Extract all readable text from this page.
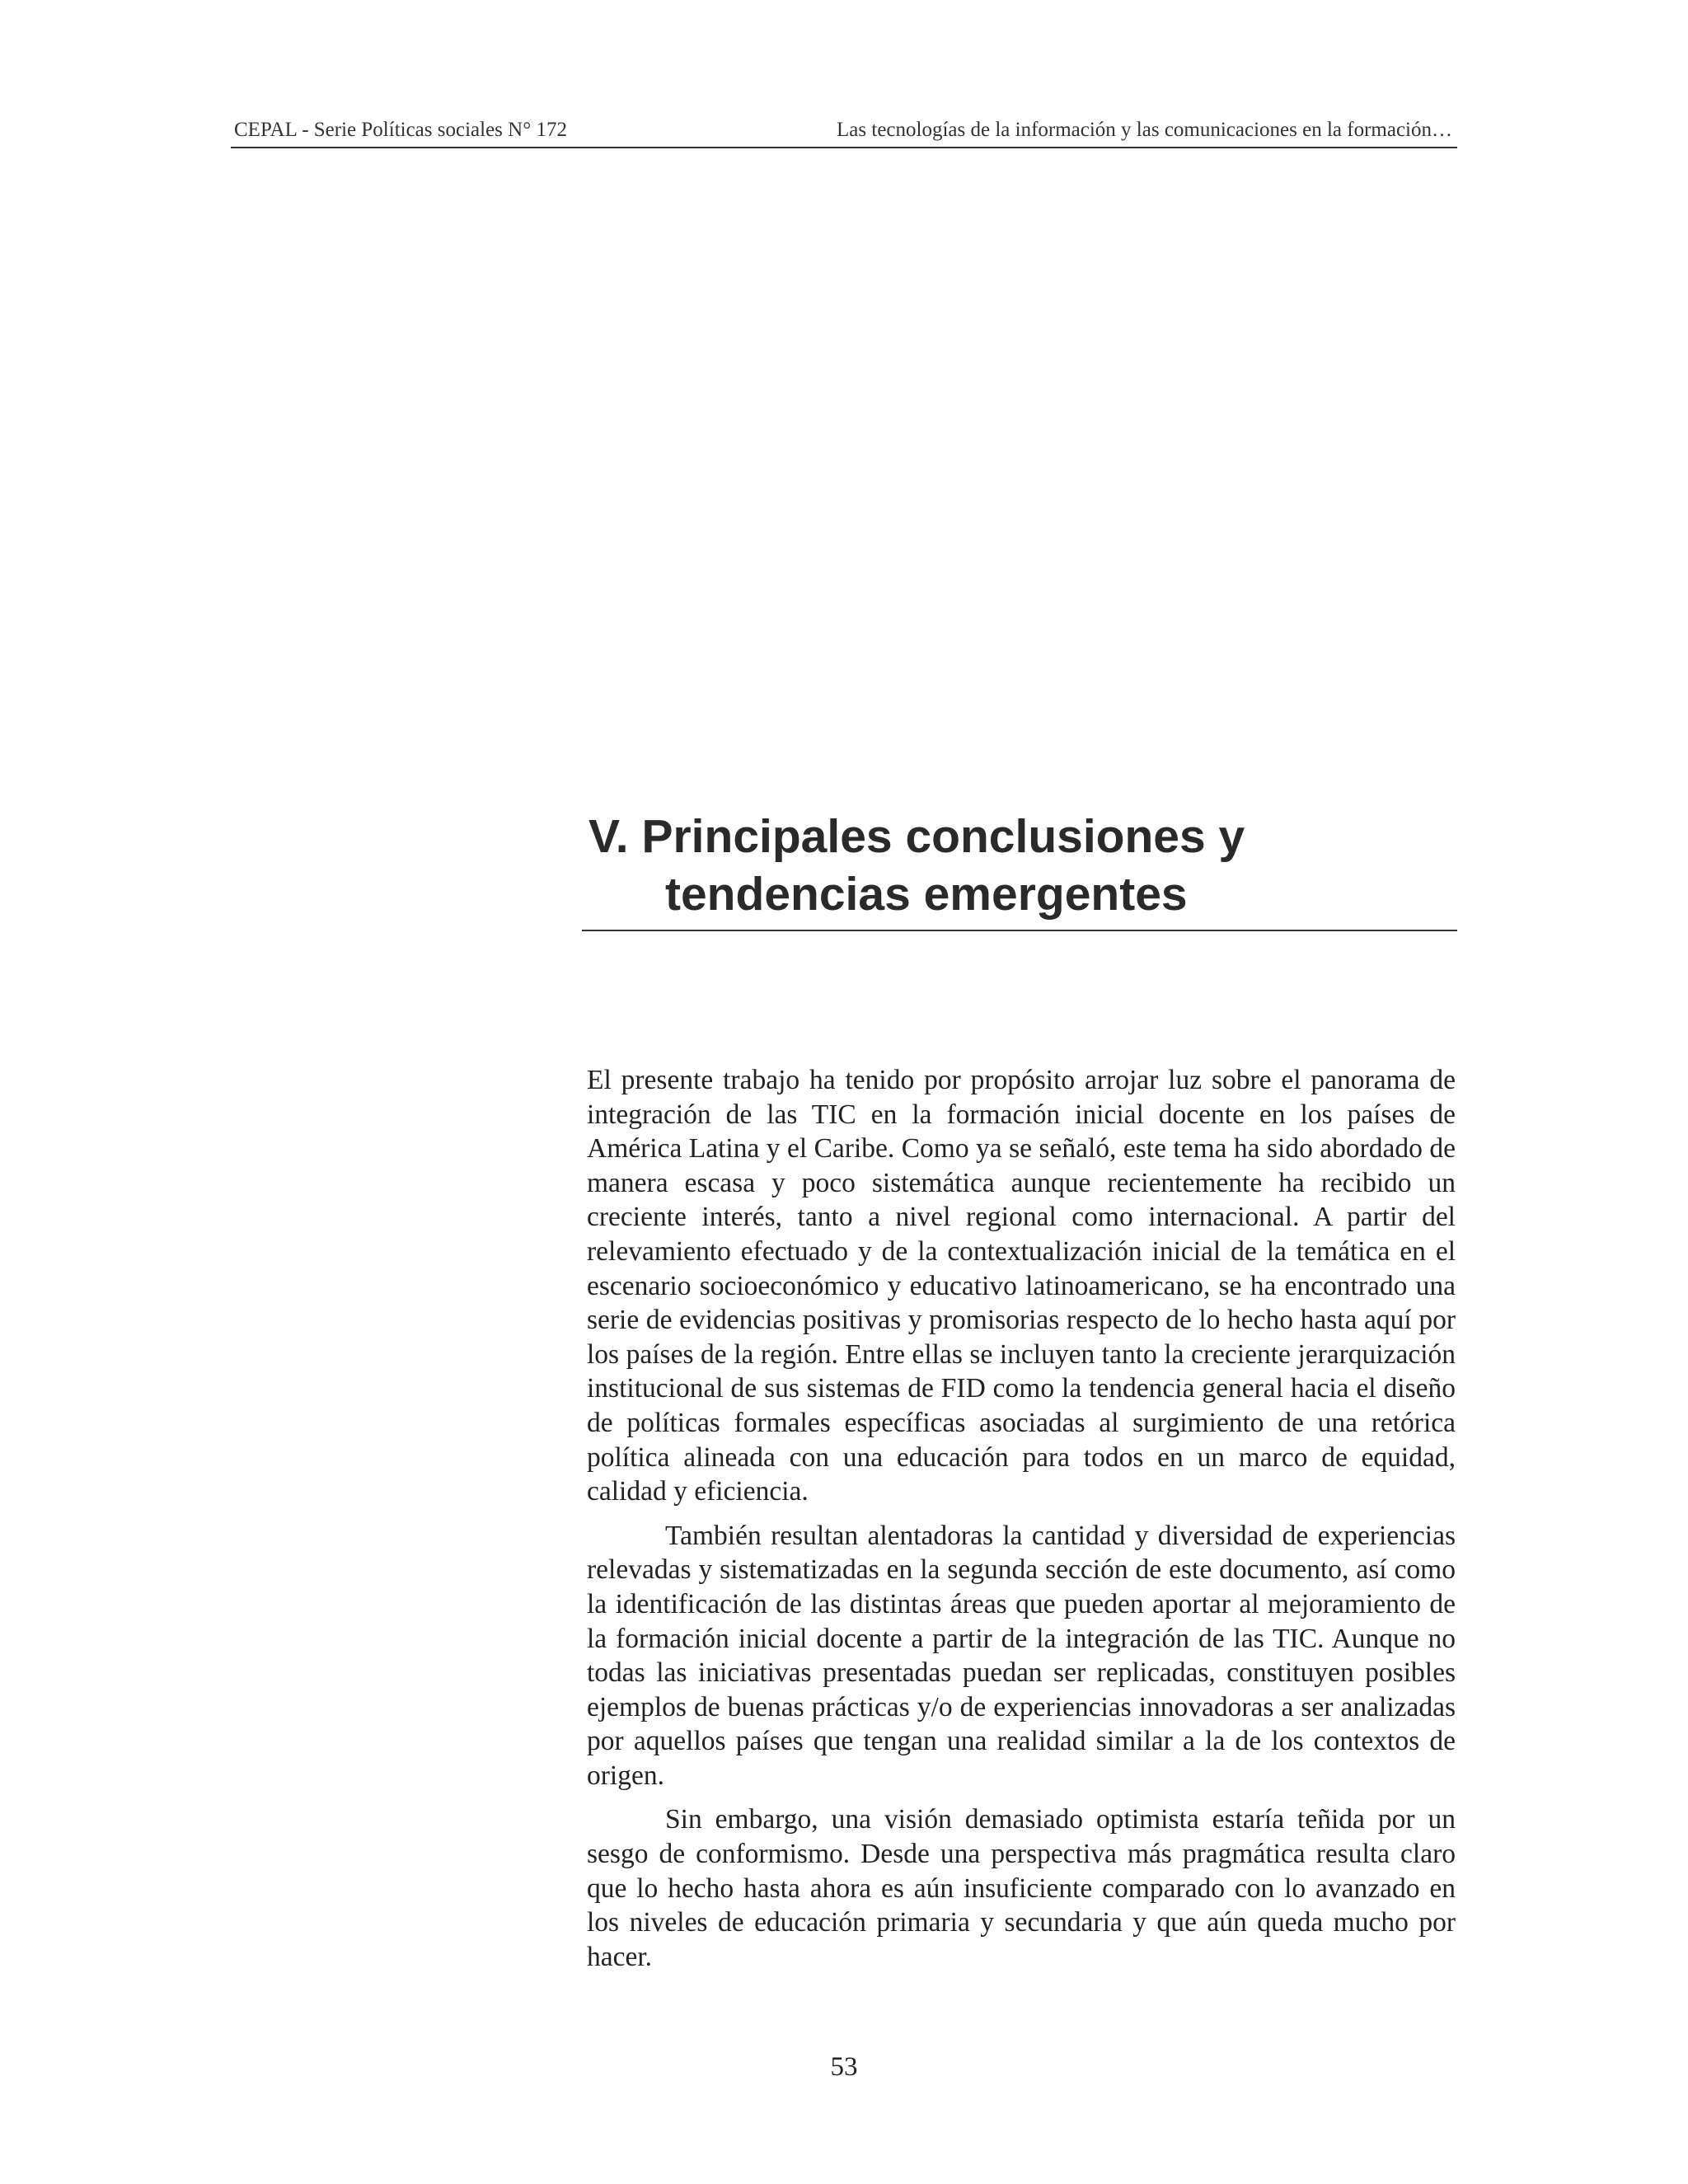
CEPAL - Serie Políticas sociales N° 172	Las tecnologías de la información y las comunicaciones en la formación…
V. Principales conclusiones y
tendencias emergentes

El presente trabajo ha tenido por propósito arrojar luz sobre el panorama de integración de las TIC en la formación inicial docente en los países de América Latina y el Caribe. Como ya se señaló, este tema ha sido abordado de manera escasa y poco sistemática aunque recientemente ha recibido un creciente interés, tanto a nivel regional como internacional. A partir del relevamiento efectuado y de la contextualización inicial de la temática en el escenario socioeconómico y educativo latinoamericano, se ha encontrado una serie de evidencias positivas y promisorias respecto de lo hecho hasta aquí por los países de la región. Entre ellas se incluyen tanto la creciente jerarquización institucional de sus sistemas de FID como la tendencia general hacia el diseño de políticas formales específicas asociadas al surgimiento de una retórica política alineada con una educación para todos en un marco de equidad, calidad y eficiencia.

También resultan alentadoras la cantidad y diversidad de experiencias relevadas y sistematizadas en la segunda sección de este documento, así como la identificación de las distintas áreas que pueden aportar al mejoramiento de la formación inicial docente a partir de la integración de las TIC. Aunque no todas las iniciativas presentadas puedan ser replicadas, constituyen posibles ejemplos de buenas prácticas y/o de experiencias innovadoras a ser analizadas por aquellos países que tengan una realidad similar a la de los contextos de origen.

Sin embargo, una visión demasiado optimista estaría teñida por un sesgo de conformismo. Desde una perspectiva más pragmática resulta claro que lo hecho hasta ahora es aún insuficiente comparado con lo avanzado en los niveles de educación primaria y secundaria y que aún queda mucho por hacer.

53
